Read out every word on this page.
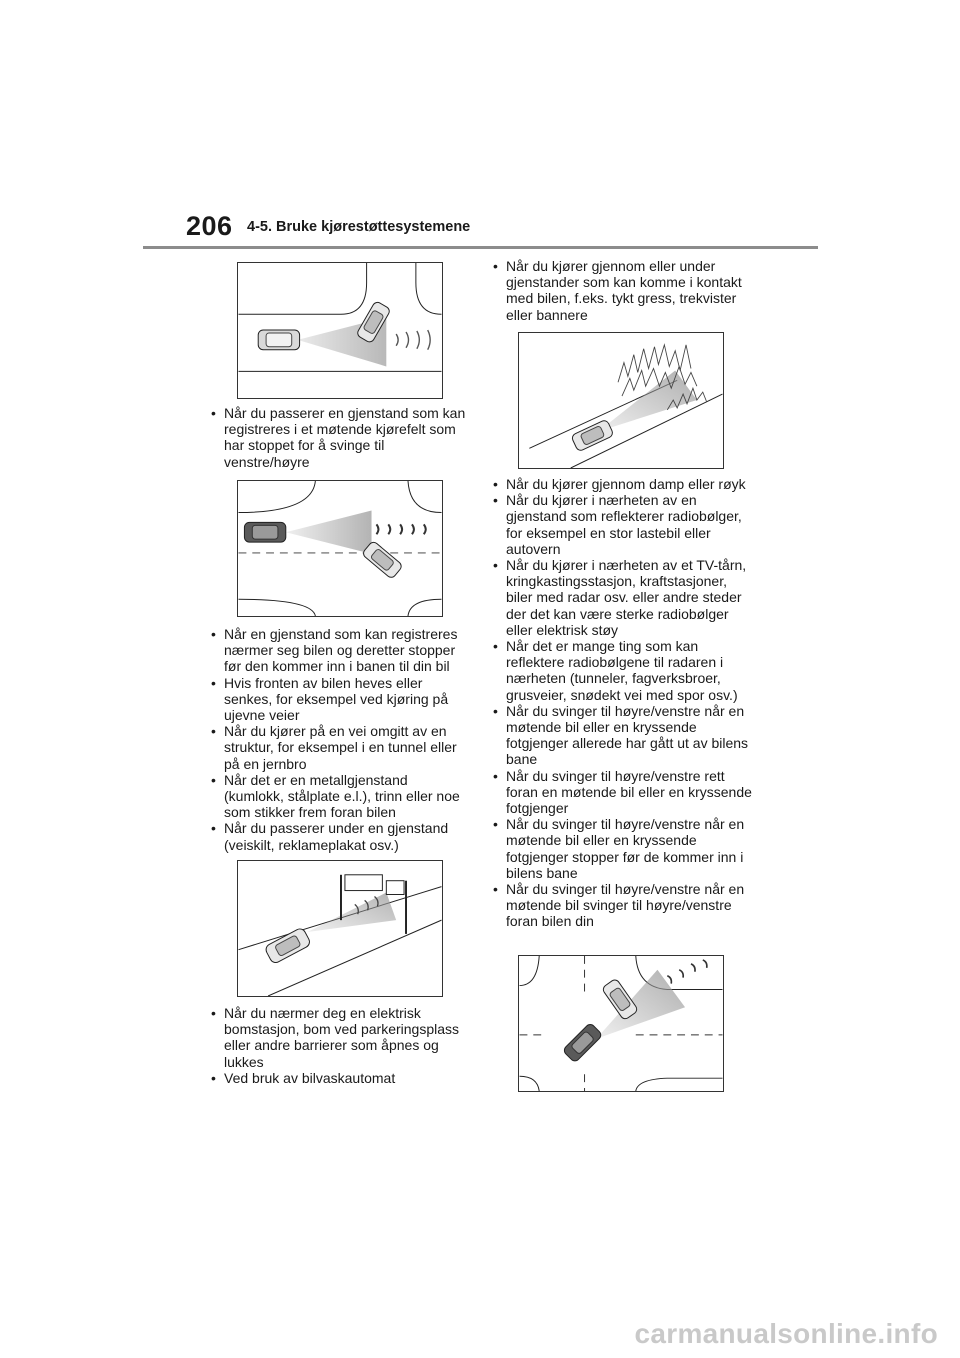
206 4-5. Bruke kjørestøttesystemene
• Når du passerer en gjenstand som kan registreres i et møtende kjørefelt som har stoppet for å svinge til venstre/høyre
• Når en gjenstand som kan registreres nærmer seg bilen og deretter stopper før den kommer inn i banen til din bil
• Hvis fronten av bilen heves eller senkes, for eksempel ved kjøring på ujevne veier
• Når du kjører på en vei omgitt av en struktur, for eksempel i en tunnel eller på en jernbro
• Når det er en metallgjenstand (kumlokk, stålplate e.l.), trinn eller noe som stikker frem foran bilen
• Når du passerer under en gjenstand (veiskilt, reklameplakat osv.)
• Når du nærmer deg en elektrisk bomstasjon, bom ved parkeringsplass eller andre barrierer som åpnes og lukkes
• Ved bruk av bilvaskautomat
• Når du kjører gjennom eller under gjenstander som kan komme i kontakt med bilen, f.eks. tykt gress, trekvister eller bannere
• Når du kjører gjennom damp eller røyk
• Når du kjører i nærheten av en gjenstand som reflekterer radiobølger, for eksempel en stor lastebil eller autovern
• Når du kjører i nærheten av et TV-tårn, kringkastingsstasjon, kraftstasjoner, biler med radar osv. eller andre steder der det kan være sterke radiobølger eller elektrisk støy
• Når det er mange ting som kan reflektere radiobølgene til radaren i nærheten (tunneler, fagverksbroer, grusveier, snødekt vei med spor osv.)
• Når du svinger til høyre/venstre når en møtende bil eller en kryssende fotgjenger allerede har gått ut av bilens bane
• Når du svinger til høyre/venstre rett foran en møtende bil eller en kryssende fotgjenger
• Når du svinger til høyre/venstre når en møtende bil eller en kryssende fotgjenger stopper før de kommer inn i bilens bane
• Når du svinger til høyre/venstre når en møtende bil svinger til høyre/venstre foran bilen din
carmanualsonline.info
